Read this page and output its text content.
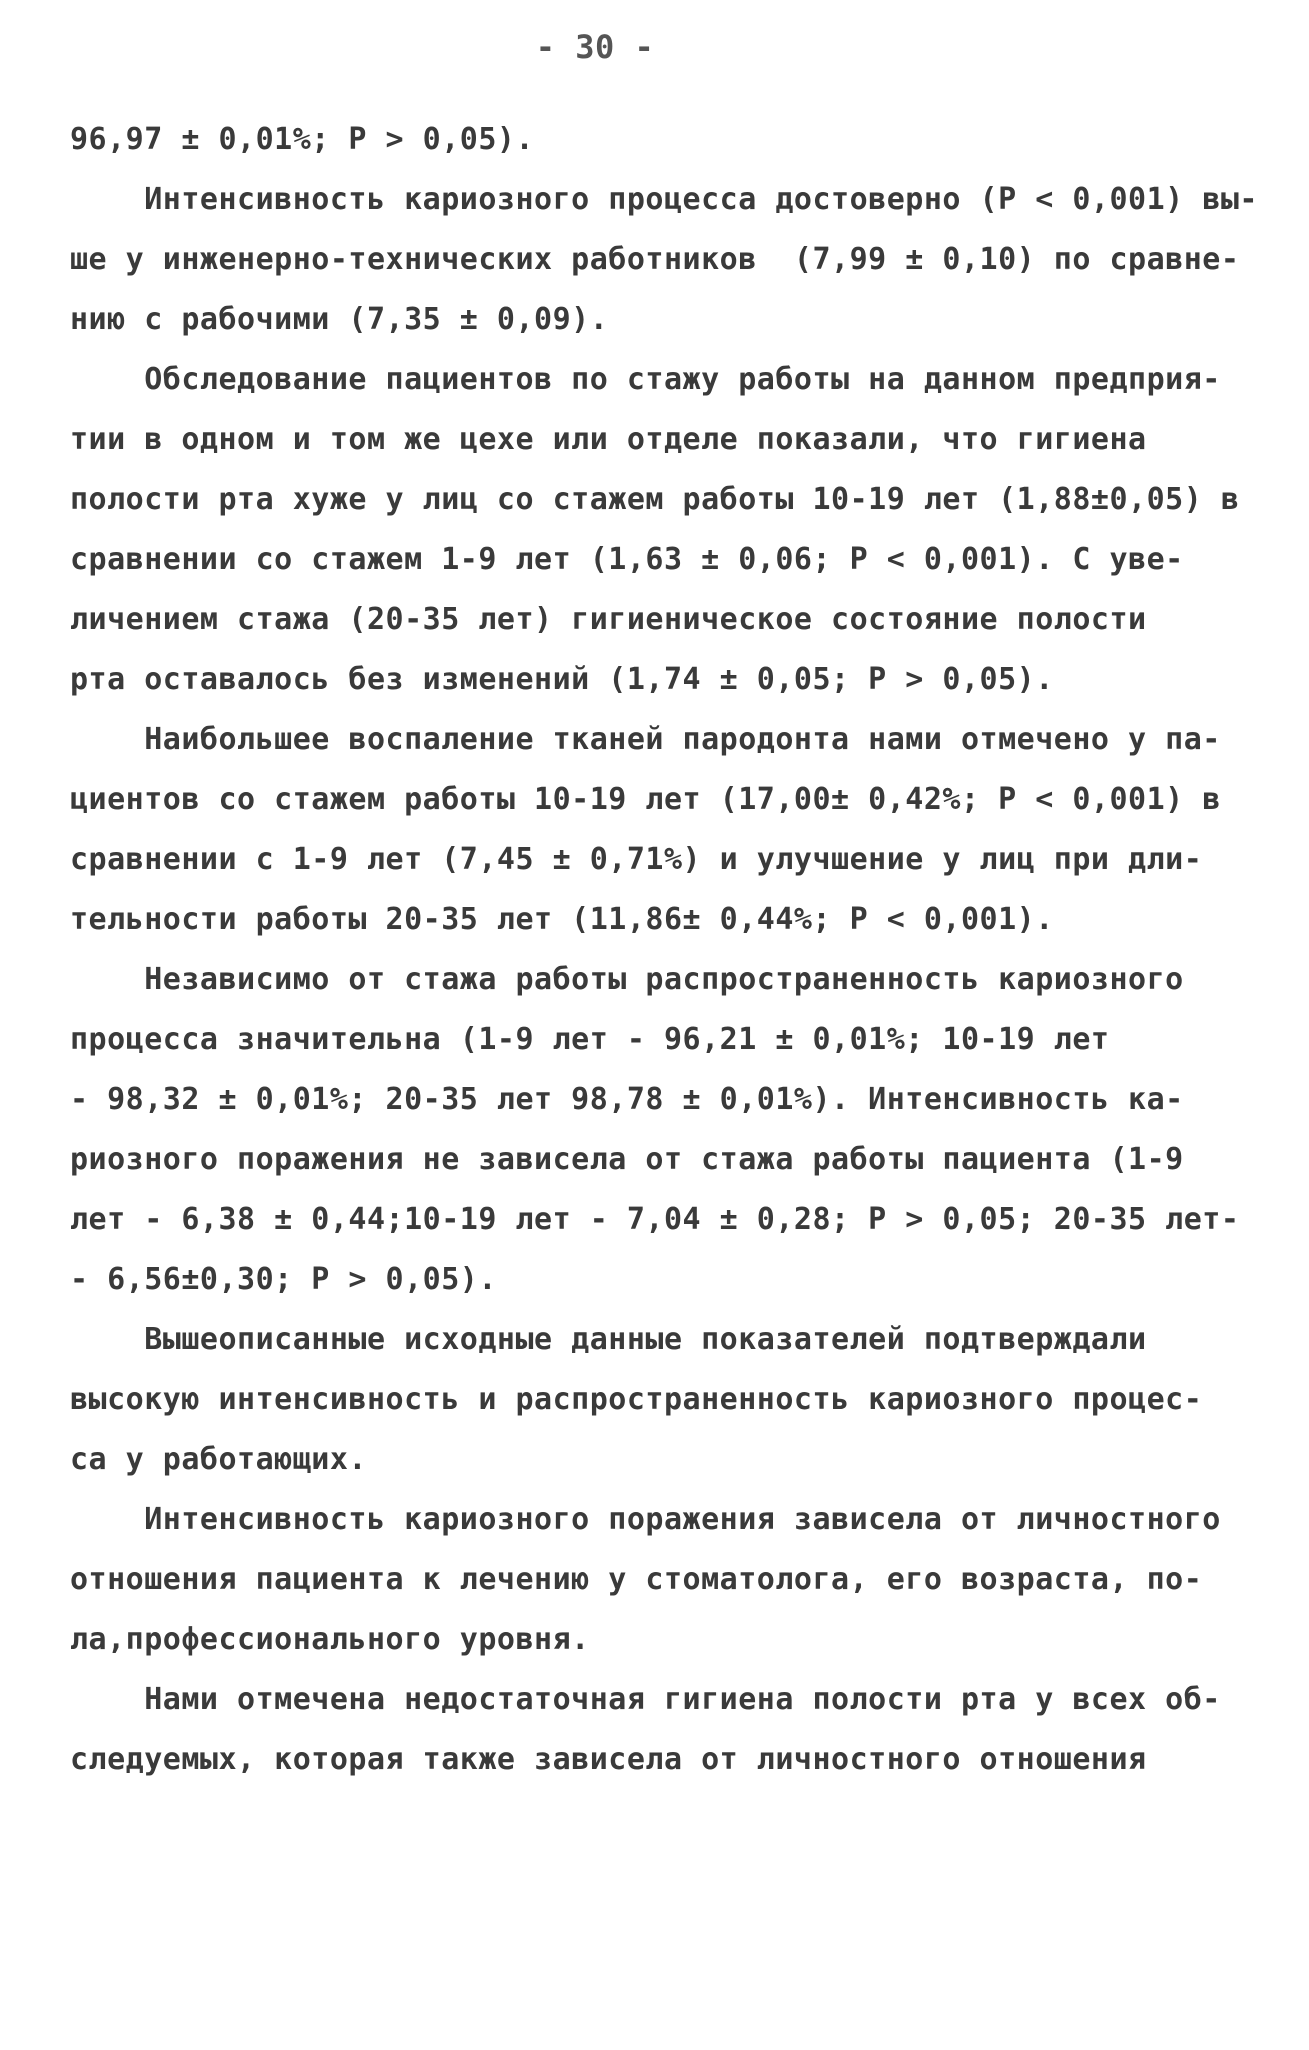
- 30 -
96,97 ± 0,01%; P > 0,05).
Интенсивность кариозного процесса достоверно (P < 0,001) вы-
ше у инженерно-технических работников  (7,99 ± 0,10) по сравне-
нию с рабочими (7,35 ± 0,09).
Обследование пациентов по стажу работы на данном предприя-
тии в одном и том же цехе или отделе показали, что гигиена
полости рта хуже у лиц со стажем работы 10-19 лет (1,88±0,05) в
сравнении со стажем 1-9 лет (1,63 ± 0,06; P < 0,001). С уве-
личением стажа (20-35 лет) гигиеническое состояние полости
рта оставалось без изменений (1,74 ± 0,05; P > 0,05).
Наибольшее воспаление тканей пародонта нами отмечено у па-
циентов со стажем работы 10-19 лет (17,00± 0,42%; P < 0,001) в
сравнении с 1-9 лет (7,45 ± 0,71%) и улучшение у лиц при дли-
тельности работы 20-35 лет (11,86± 0,44%; P < 0,001).
Независимо от стажа работы распространенность кариозного
процесса значительна (1-9 лет - 96,21 ± 0,01%; 10-19 лет
- 98,32 ± 0,01%; 20-35 лет 98,78 ± 0,01%). Интенсивность ка-
риозного поражения не зависела от стажа работы пациента (1-9
лет - 6,38 ± 0,44;10-19 лет - 7,04 ± 0,28; P > 0,05; 20-35 лет-
- 6,56±0,30; P > 0,05).
Вышеописанные исходные данные показателей подтверждали
высокую интенсивность и распространенность кариозного процес-
са у работающих.
Интенсивность кариозного поражения зависела от личностного
отношения пациента к лечению у стоматолога, его возраста, по-
ла,профессионального уровня.
Нами отмечена недостаточная гигиена полости рта у всех об-
следуемых, которая также зависела от личностного отношения
